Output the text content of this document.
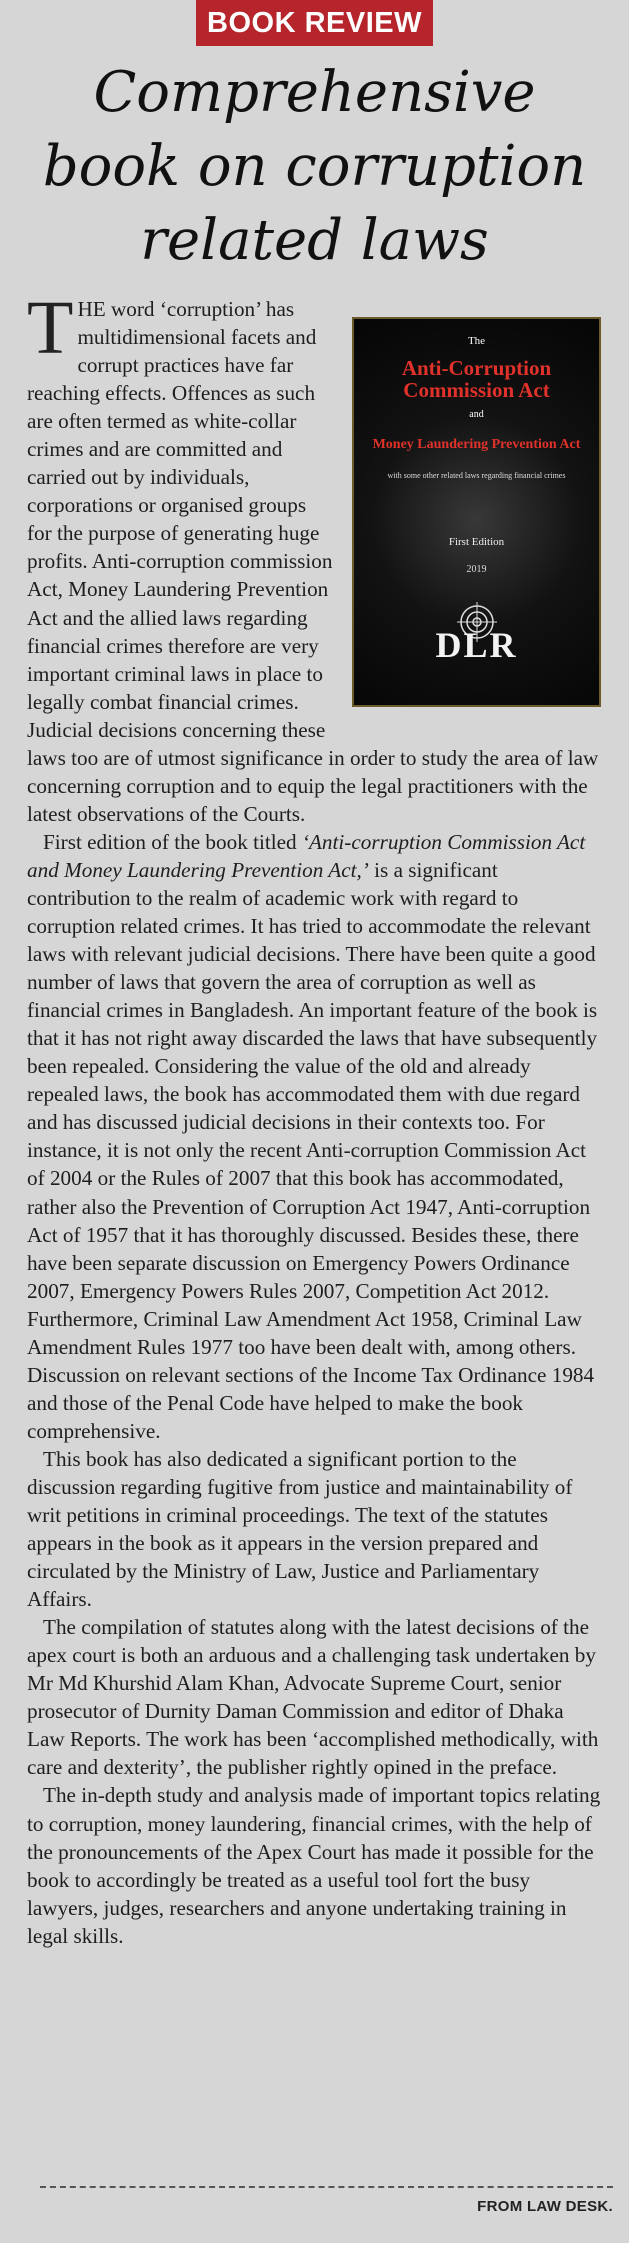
BOOK REVIEW
Comprehensive book on corruption related laws
The
Anti-Corruption Commission Act
and
Money Laundering Prevention Act
with some other related laws regarding financial crimes
First Edition
2019
DLR

THE word ‘corruption’ has multidimensional facets and corrupt practices have far reaching effects. Offences as such are often termed as white-collar crimes and are committed and carried out by individuals, corporations or organised groups for the purpose of generating huge profits. Anti-corruption commission Act, Money Laundering Prevention Act and the allied laws regarding financial crimes therefore are very important criminal laws in place to legally combat financial crimes. Judicial decisions concerning these laws too are of utmost significance in order to study the area of law concerning corruption and to equip the legal practitioners with the latest observations of the Courts.

First edition of the book titled ‘Anti-corruption Commission Act and Money Laundering Prevention Act,’ is a significant contribution to the realm of academic work with regard to corruption related crimes. It has tried to accommodate the relevant laws with relevant judicial decisions. There have been quite a good number of laws that govern the area of corruption as well as financial crimes in Bangladesh. An important feature of the book is that it has not right away discarded the laws that have subsequently been repealed. Considering the value of the old and already repealed laws, the book has accommodated them with due regard and has discussed judicial decisions in their contexts too. For instance, it is not only the recent Anti-corruption Commission Act of 2004 or the Rules of 2007 that this book has accommodated, rather also the Prevention of Corruption Act 1947, Anti-corruption Act of 1957 that it has thoroughly discussed. Besides these, there have been separate discussion on Emergency Powers Ordinance 2007, Emergency Powers Rules 2007, Competition Act 2012. Furthermore, Criminal Law Amendment Act 1958, Criminal Law Amendment Rules 1977 too have been dealt with, among others. Discussion on relevant sections of the Income Tax Ordinance 1984 and those of the Penal Code have helped to make the book comprehensive.

This book has also dedicated a significant portion to the discussion regarding fugitive from justice and maintainability of writ petitions in criminal proceedings. The text of the statutes appears in the book as it appears in the version prepared and circulated by the Ministry of Law, Justice and Parliamentary Affairs.

The compilation of statutes along with the latest decisions of the apex court is both an arduous and a challenging task undertaken by Mr Md Khurshid Alam Khan, Advocate Supreme Court, senior prosecutor of Durnity Daman Commission and editor of Dhaka Law Reports. The work has been ‘accomplished methodically, with care and dexterity’, the publisher rightly opined in the preface.

The in-depth study and analysis made of important topics relating to corruption, money laundering, financial crimes, with the help of the pronouncements of the Apex Court has made it possible for the book to accordingly be treated as a useful tool fort the busy lawyers, judges, researchers and anyone undertaking training in legal skills.

FROM LAW DESK.
